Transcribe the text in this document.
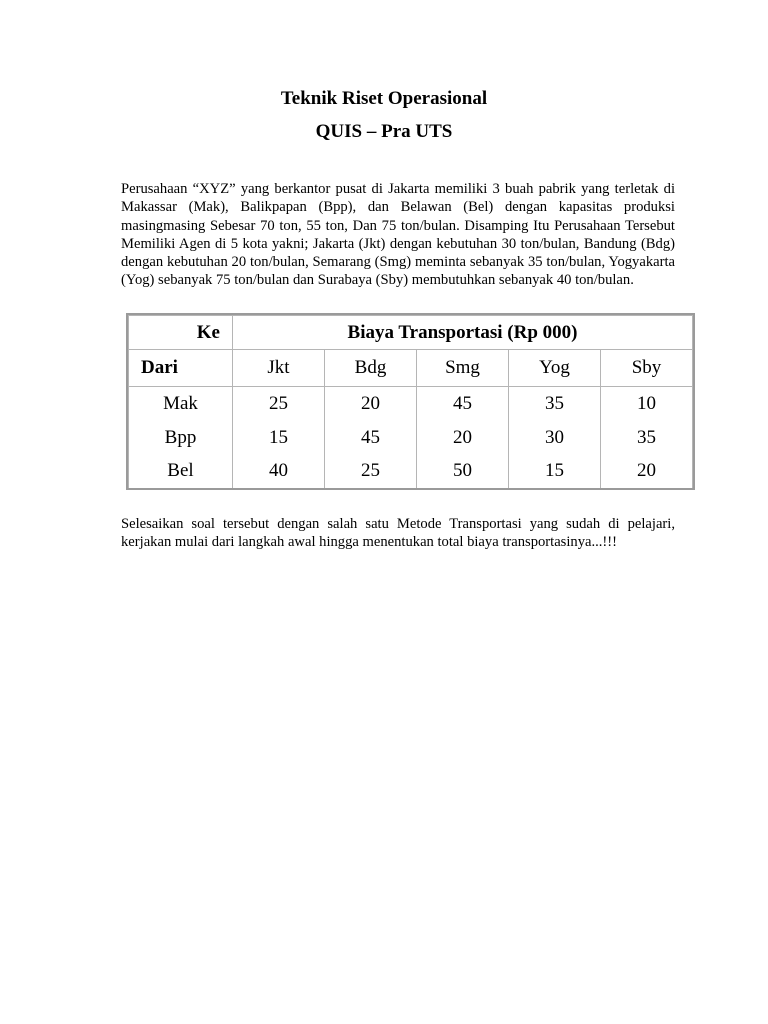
Teknik Riset Operasional
QUIS – Pra UTS

Perusahaan “XYZ” yang berkantor pusat di Jakarta memiliki 3 buah pabrik yang terletak di Makassar (Mak), Balikpapan (Bpp), dan Belawan (Bel) dengan kapasitas produksi masingmasing Sebesar 70 ton, 55 ton, Dan 75 ton/bulan. Disamping Itu Perusahaan Tersebut Memiliki Agen di 5 kota yakni; Jakarta (Jkt) dengan kebutuhan 30 ton/bulan, Bandung (Bdg) dengan kebutuhan 20 ton/bulan, Semarang (Smg) meminta sebanyak 35 ton/bulan, Yogyakarta (Yog) sebanyak 75 ton/bulan dan Surabaya (Sby) membutuhkan sebanyak 40 ton/bulan.

Ke	Biaya Transportasi (Rp 000)				
Dari	Jkt	Bdg	Smg	Yog	Sby
Mak	25	20	45	35	10
Bpp	15	45	20	30	35
Bel	40	25	50	15	20

Selesaikan soal tersebut dengan salah satu Metode Transportasi yang sudah di pelajari, kerjakan mulai dari langkah awal hingga menentukan total biaya transportasinya...!!!
